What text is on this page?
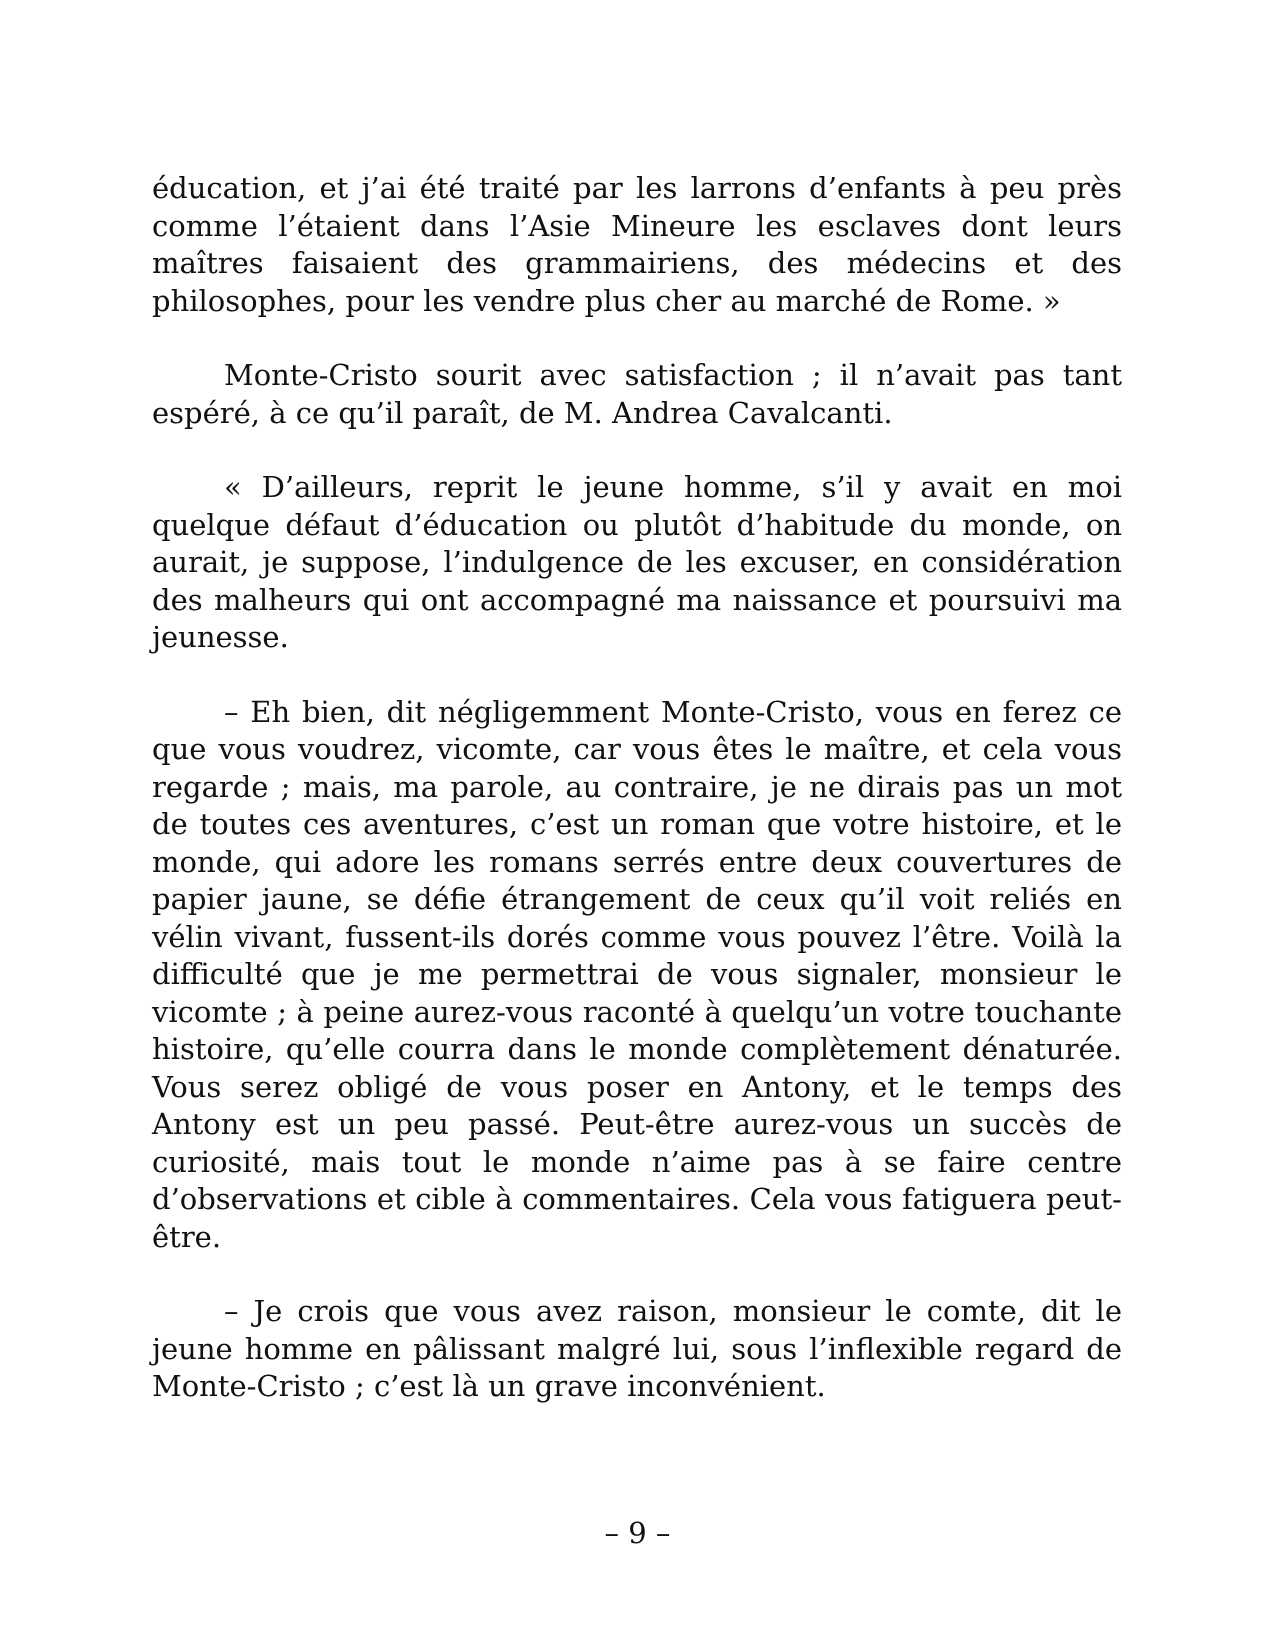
éducation, et j’ai été traité par les larrons d’enfants à peu près comme l’étaient dans l’Asie Mineure les esclaves dont leurs maîtres faisaient des grammairiens, des médecins et des philosophes, pour les vendre plus cher au marché de Rome. »

Monte-Cristo sourit avec satisfaction ; il n’avait pas tant espéré, à ce qu’il paraît, de M. Andrea Cavalcanti.

« D’ailleurs, reprit le jeune homme, s’il y avait en moi quelque défaut d’éducation ou plutôt d’habitude du monde, on aurait, je suppose, l’indulgence de les excuser, en considération des malheurs qui ont accompagné ma naissance et poursuivi ma jeunesse.

– Eh bien, dit négligemment Monte-Cristo, vous en ferez ce que vous voudrez, vicomte, car vous êtes le maître, et cela vous regarde ; mais, ma parole, au contraire, je ne dirais pas un mot de toutes ces aventures, c’est un roman que votre histoire, et le monde, qui adore les romans serrés entre deux couvertures de papier jaune, se défie étrangement de ceux qu’il voit reliés en vélin vivant, fussent-ils dorés comme vous pouvez l’être. Voilà la difficulté que je me permettrai de vous signaler, monsieur le vicomte ; à peine aurez-vous raconté à quelqu’un votre touchante histoire, qu’elle courra dans le monde complètement dénaturée. Vous serez obligé de vous poser en Antony, et le temps des Antony est un peu passé. Peut-être aurez-vous un succès de curiosité, mais tout le monde n’aime pas à se faire centre d’observations et cible à commentaires. Cela vous fatiguera peut-être.

– Je crois que vous avez raison, monsieur le comte, dit le jeune homme en pâlissant malgré lui, sous l’inflexible regard de Monte-Cristo ; c’est là un grave inconvénient.

– 9 –
